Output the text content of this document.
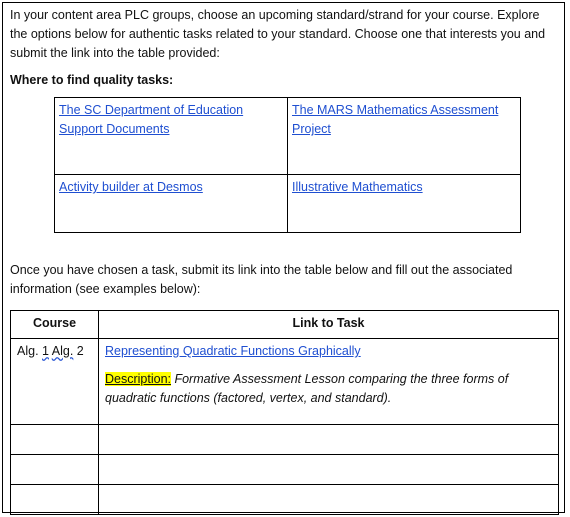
In your content area PLC groups, choose an upcoming standard/strand for your course. Explore the options below for authentic tasks related to your standard. Choose one that interests you and submit the link into the table provided:

Where to find quality tasks:

The SC Department of Education Support Documents	The MARS Mathematics Assessment Project
Activity builder at Desmos	Illustrative Mathematics

Once you have chosen a task, submit its link into the table below and fill out the associated information (see examples below):

Course	Link to Task
Alg. 1 Alg. 2	Representing Quadratic Functions Graphically
Description: Formative Assessment Lesson comparing the three forms of quadratic functions (factored, vertex, and standard).
